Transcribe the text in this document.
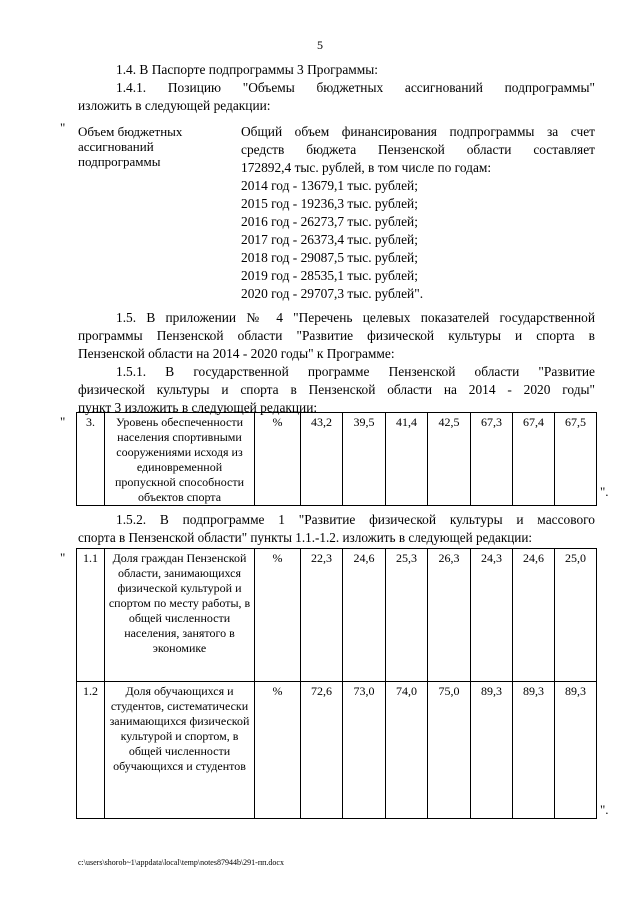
5
1.4. В Паспорте подпрограммы 3 Программы:
1.4.1. Позицию "Объемы бюджетных ассигнований подпрограммы"
изложить в следующей редакции:
" Объем бюджетных
ассигнований
подпрограммы
Общий объем финансирования подпрограммы за счет
средств бюджета Пензенской области составляет
172892,4 тыс. рублей, в том числе по годам:
2014 год - 13679,1 тыс. рублей;
2015 год - 19236,3 тыс. рублей;
2016 год - 26273,7 тыс. рублей;
2017 год - 26373,4 тыс. рублей;
2018 год - 29087,5 тыс. рублей;
2019 год - 28535,1 тыс. рублей;
2020 год - 29707,3 тыс. рублей".
1.5. В приложении № 4 "Перечень целевых показателей государственной
программы Пензенской области "Развитие физической культуры и спорта в
Пензенской области на 2014 - 2020 годы" к Программе:
1.5.1. В государственной программе Пензенской области "Развитие
физической культуры и спорта в Пензенской области на 2014 - 2020 годы"
пункт 3 изложить в следующей редакции:
" 3.	Уровень обеспеченности населения спортивными сооружениями исходя из единовременной пропускной способности объектов спорта	%	43,2	39,5	41,4	42,5	67,3	67,4	67,5
".
1.5.2. В подпрограмме 1 "Развитие физической культуры и массового
спорта в Пензенской области" пункты 1.1.-1.2. изложить в следующей редакции:
" 1.1	Доля граждан Пензенской области, занимающихся физической культурой и спортом по месту работы, в общей численности населения, занятого в экономике	%	22,3	24,6	25,3	26,3	24,3	24,6	25,0
1.2	Доля обучающихся и студентов, систематически занимающихся физической культурой и спортом, в общей численности обучающихся и студентов	%	72,6	73,0	74,0	75,0	89,3	89,3	89,3
".
c:\users\shorob~1\appdata\local\temp\notes87944b\291-пп.docx
